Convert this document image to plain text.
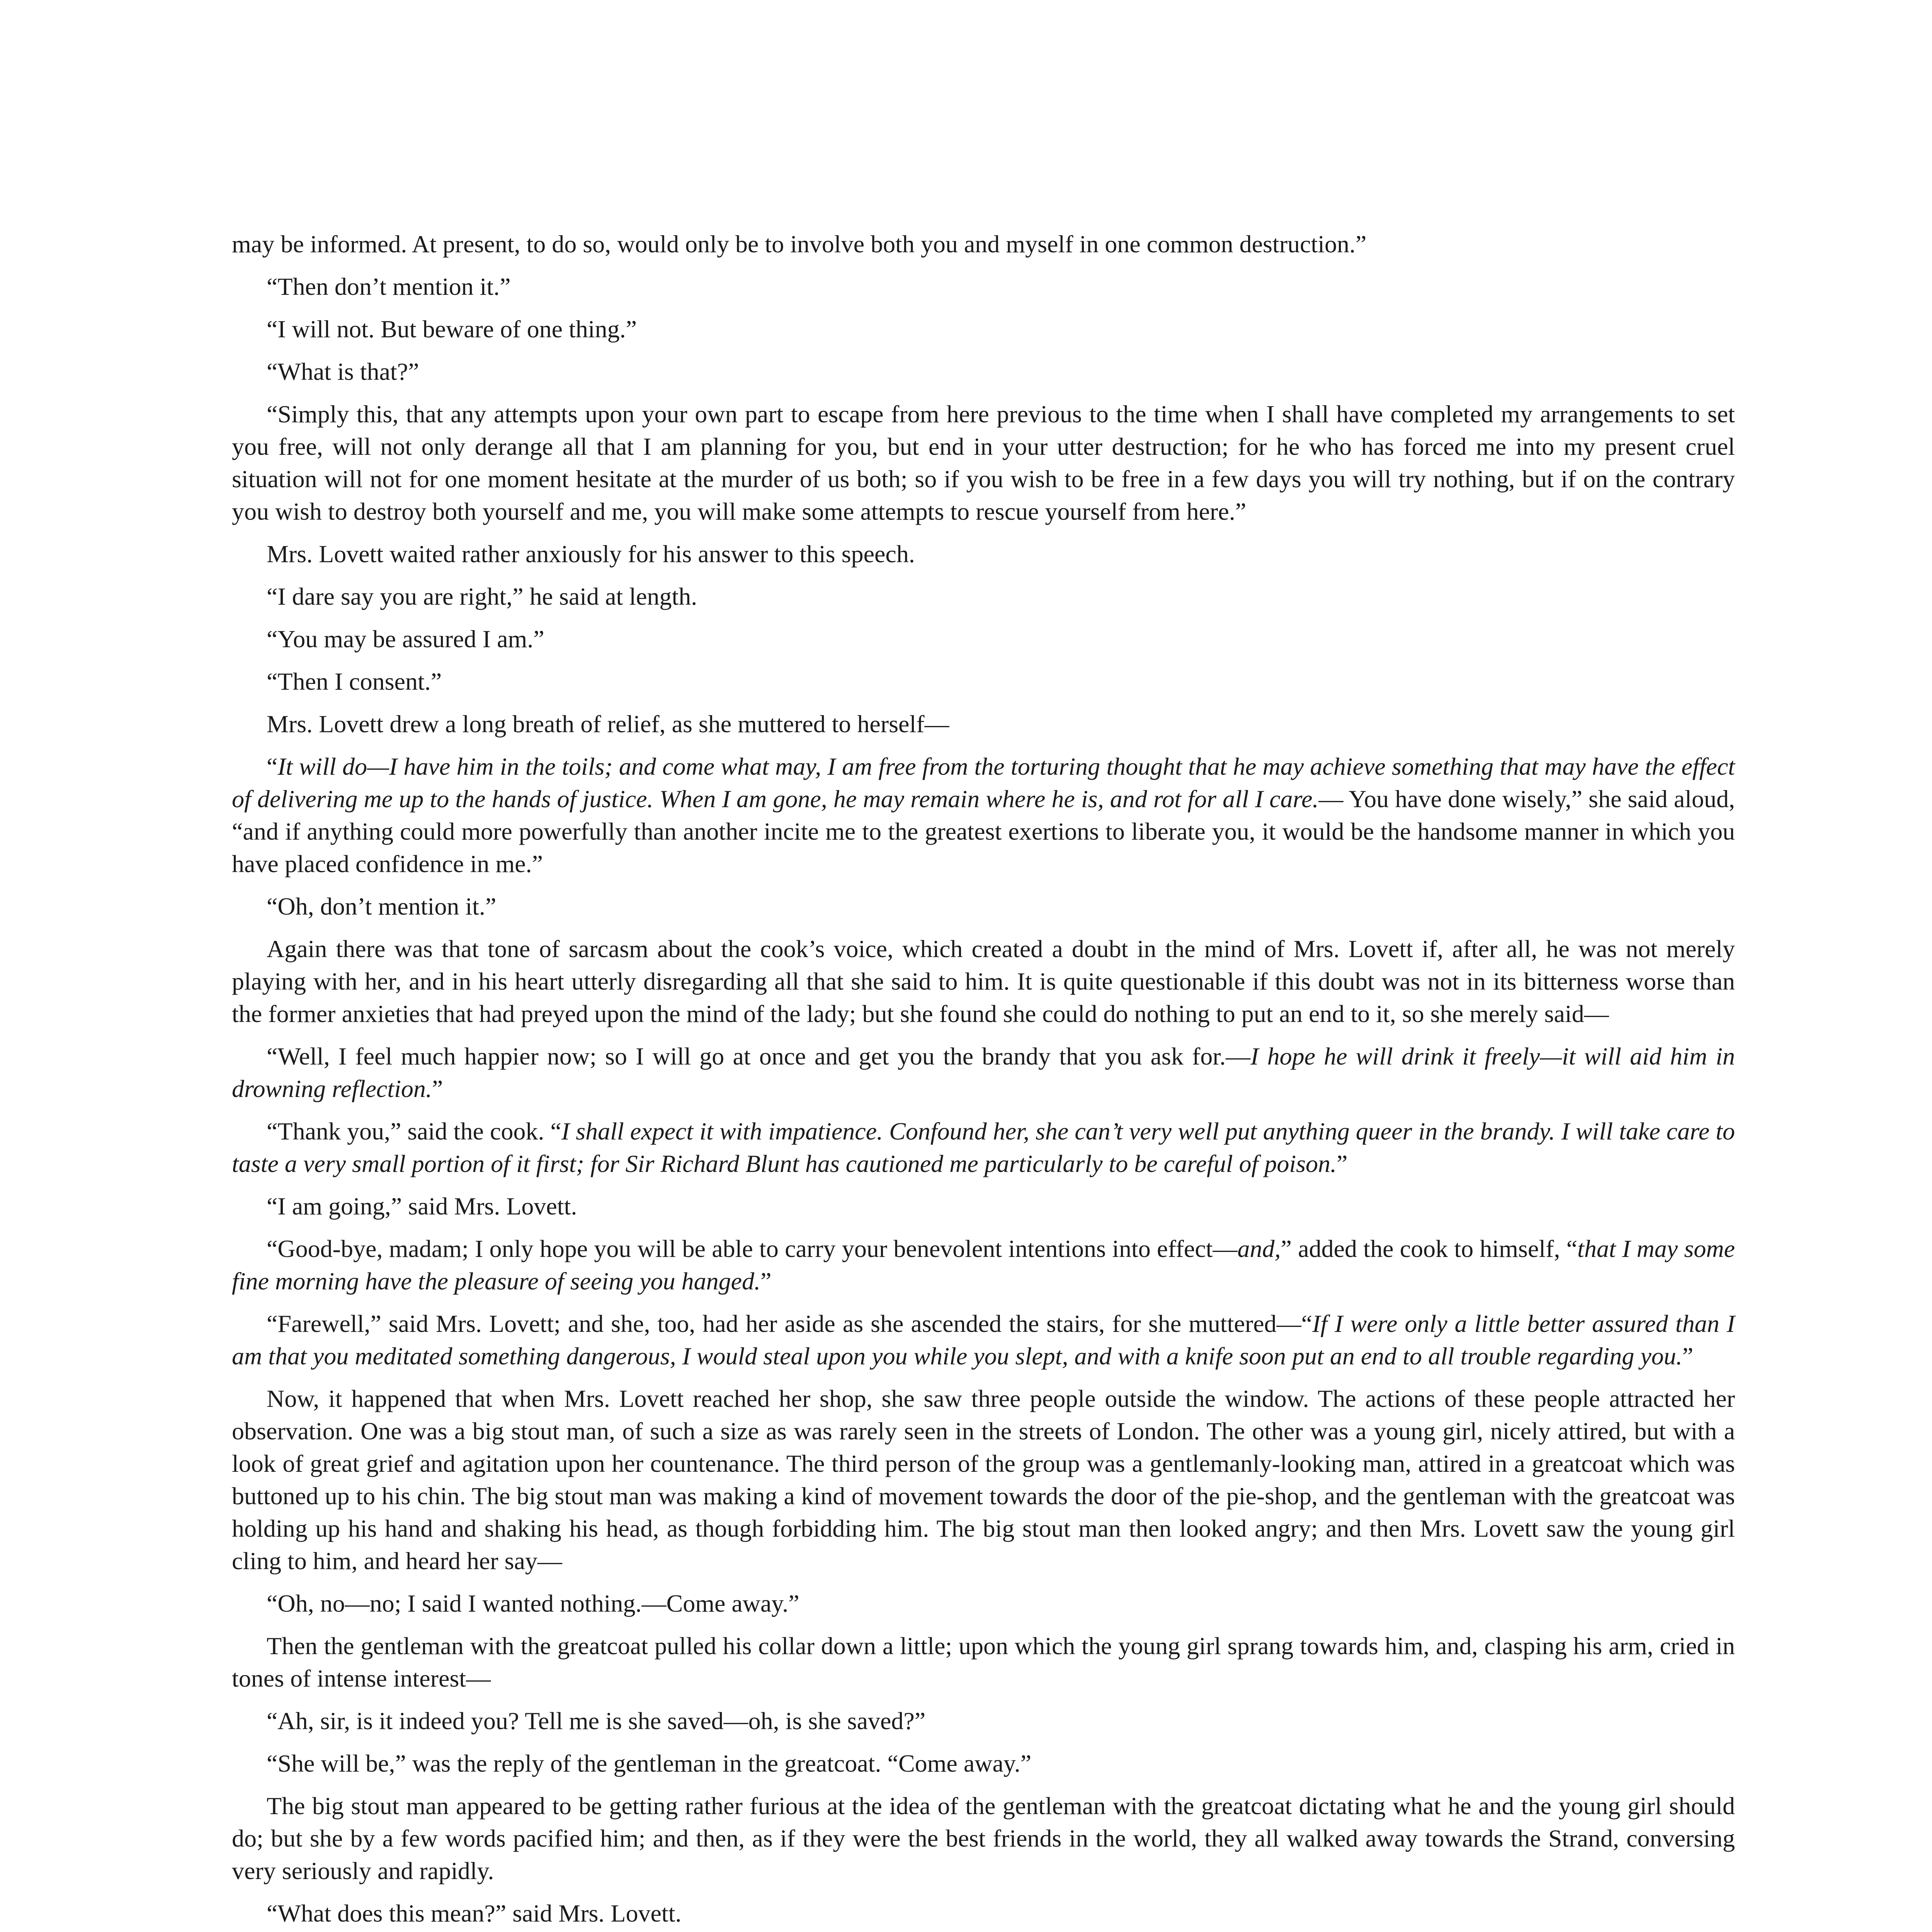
may be informed. At present, to do so, would only be to involve both you and myself in one common destruction.”

“Then don’t mention it.”

“I will not. But beware of one thing.”

“What is that?”

“Simply this, that any attempts upon your own part to escape from here previous to the time when I shall have completed my arrangements to set you free, will not only derange all that I am planning for you, but end in your utter destruction; for he who has forced me into my present cruel situation will not for one moment hesitate at the murder of us both; so if you wish to be free in a few days you will try nothing, but if on the contrary you wish to destroy both yourself and me, you will make some attempts to rescue yourself from here.”

Mrs. Lovett waited rather anxiously for his answer to this speech.

“I dare say you are right,” he said at length.

“You may be assured I am.”

“Then I consent.”

Mrs. Lovett drew a long breath of relief, as she muttered to herself—

“It will do—I have him in the toils; and come what may, I am free from the torturing thought that he may achieve something that may have the effect of delivering me up to the hands of justice. When I am gone, he may remain where he is, and rot for all I care.— You have done wisely,” she said aloud, “and if anything could more powerfully than another incite me to the greatest exertions to liberate you, it would be the handsome manner in which you have placed confidence in me.”

“Oh, don’t mention it.”

Again there was that tone of sarcasm about the cook’s voice, which created a doubt in the mind of Mrs. Lovett if, after all, he was not merely playing with her, and in his heart utterly disregarding all that she said to him. It is quite questionable if this doubt was not in its bitterness worse than the former anxieties that had preyed upon the mind of the lady; but she found she could do nothing to put an end to it, so she merely said—

“Well, I feel much happier now; so I will go at once and get you the brandy that you ask for.—I hope he will drink it freely—it will aid him in drowning reflection.”

“Thank you,” said the cook. “I shall expect it with impatience. Confound her, she can’t very well put anything queer in the brandy. I will take care to taste a very small portion of it first; for Sir Richard Blunt has cautioned me particularly to be careful of poison.”

“I am going,” said Mrs. Lovett.

“Good-bye, madam; I only hope you will be able to carry your benevolent intentions into effect—and,” added the cook to himself, “that I may some fine morning have the pleasure of seeing you hanged.”

“Farewell,” said Mrs. Lovett; and she, too, had her aside as she ascended the stairs, for she muttered—“If I were only a little better assured than I am that you meditated something dangerous, I would steal upon you while you slept, and with a knife soon put an end to all trouble regarding you.”

Now, it happened that when Mrs. Lovett reached her shop, she saw three people outside the window. The actions of these people attracted her observation. One was a big stout man, of such a size as was rarely seen in the streets of London. The other was a young girl, nicely attired, but with a look of great grief and agitation upon her countenance. The third person of the group was a gentlemanly-looking man, attired in a greatcoat which was buttoned up to his chin. The big stout man was making a kind of movement towards the door of the pie-shop, and the gentleman with the greatcoat was holding up his hand and shaking his head, as though forbidding him. The big stout man then looked angry; and then Mrs. Lovett saw the young girl cling to him, and heard her say—

“Oh, no—no; I said I wanted nothing.—Come away.”

Then the gentleman with the greatcoat pulled his collar down a little; upon which the young girl sprang towards him, and, clasping his arm, cried in tones of intense interest—

“Ah, sir, is it indeed you? Tell me is she saved—oh, is she saved?”

“She will be,” was the reply of the gentleman in the greatcoat. “Come away.”

The big stout man appeared to be getting rather furious at the idea of the gentleman with the greatcoat dictating what he and the young girl should do; but she by a few words pacified him; and then, as if they were the best friends in the world, they all walked away towards the Strand, conversing very seriously and rapidly.

“What does this mean?” said Mrs. Lovett.
